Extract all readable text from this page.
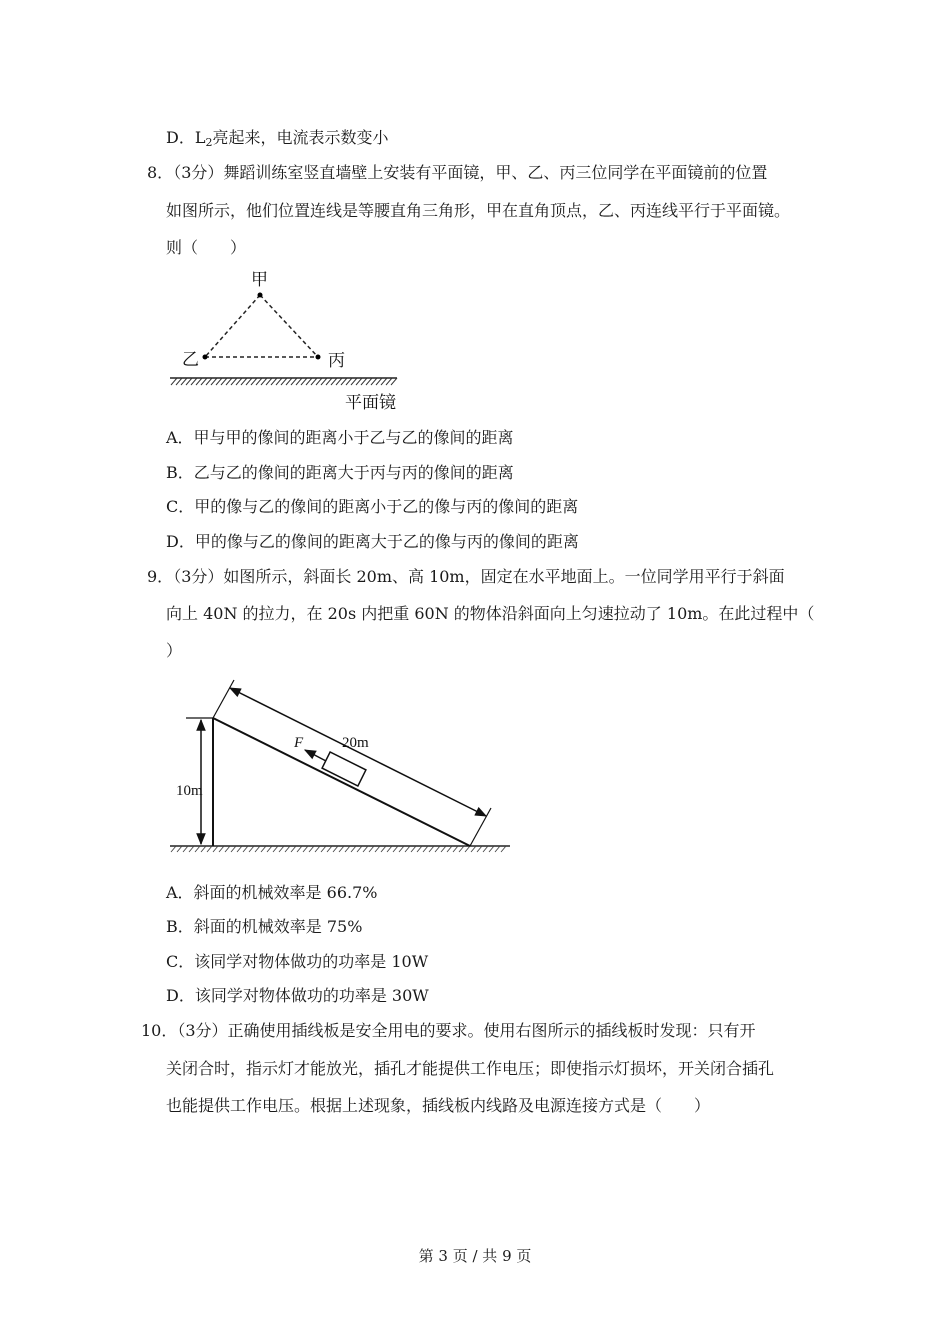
D．$L_2$亮起来，电流表示数变小
8．（3分）舞蹈训练室竖直墙壁上安装有平面镜，甲、乙、丙三位同学在平面镜前的位置
如图所示，他们位置连线是等腰直角三角形，甲在直角顶点，乙、丙连线平行于平面镜。
则（　　）
甲
乙	丙
平面镜
A．甲与甲的像间的距离小于乙与乙的像间的距离
B．乙与乙的像间的距离大于丙与丙的像间的距离
C．甲的像与乙的像间的距离小于乙的像与丙的像间的距离
D．甲的像与乙的像间的距离大于乙的像与丙的像间的距离
9．（3分）如图所示，斜面长 20m、高 10m，固定在水平地面上。一位同学用平行于斜面
向上 40N 的拉力，在 20s 内把重 60N 的物体沿斜面向上匀速拉动了 10m。在此过程中（
）
20m
10m
F
A．斜面的机械效率是 66.7%
B．斜面的机械效率是 75%
C．该同学对物体做功的功率是 10W
D．该同学对物体做功的功率是 30W
10．（3分）正确使用插线板是安全用电的要求。使用右图所示的插线板时发现：只有开
关闭合时，指示灯才能放光，插孔才能提供工作电压；即使指示灯损坏，开关闭合插孔
也能提供工作电压。根据上述现象，插线板内线路及电源连接方式是（　　）
第 3 页 / 共 9 页
